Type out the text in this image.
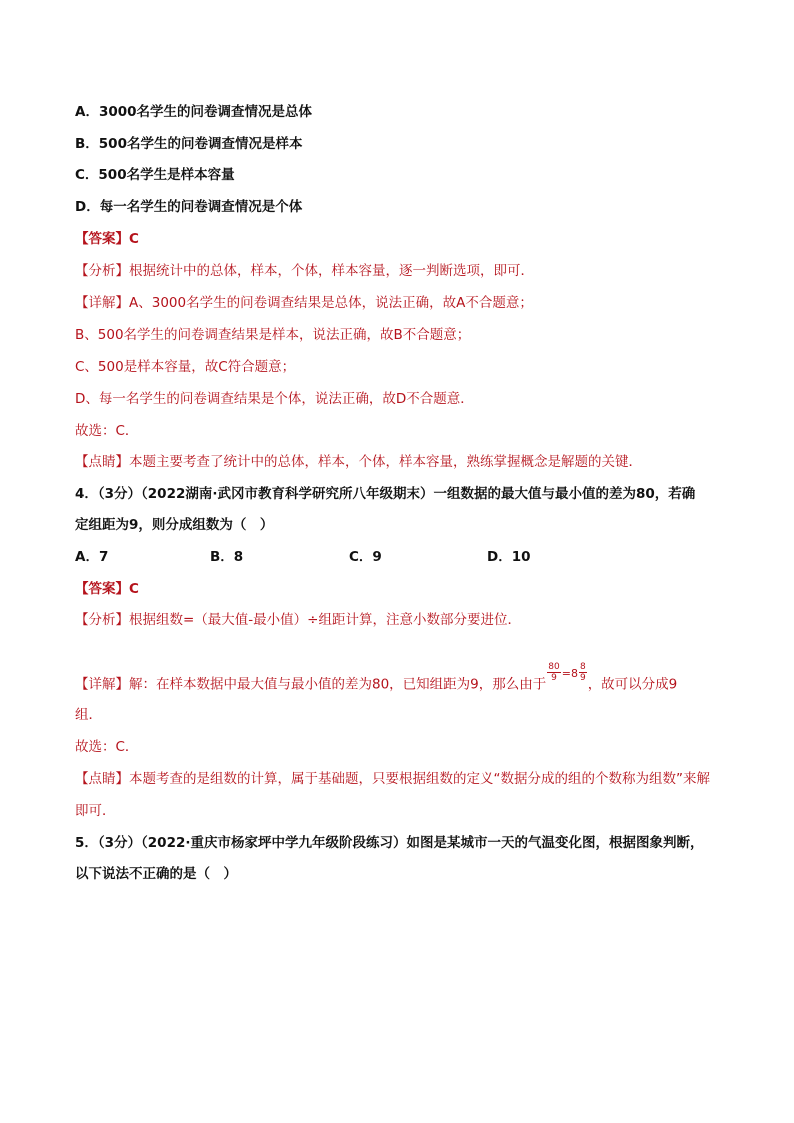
A．3000名学生的问卷调查情况是总体
B．500名学生的问卷调查情况是样本
C．500名学生是样本容量
D．每一名学生的问卷调查情况是个体
【答案】C
【分析】根据统计中的总体，样本，个体，样本容量，逐一判断选项，即可．
【详解】A、3000名学生的问卷调查结果是总体，说法正确，故A不合题意；
B、500名学生的问卷调查结果是样本，说法正确，故B不合题意；
C、500是样本容量，故C符合题意；
D、每一名学生的问卷调查结果是个体，说法正确，故D不合题意．
故选：C．
【点睛】本题主要考查了统计中的总体，样本，个体，样本容量，熟练掌握概念是解题的关键．
4．（3分）（2022湖南·武冈市教育科学研究所八年级期末）一组数据的最大值与最小值的差为80，若确
定组距为9，则分成组数为（　）
A．7	B．8	C．9	D．10
【答案】C
【分析】根据组数=（最大值-最小值）÷组距计算，注意小数部分要进位．
【详解】解：在样本数据中最大值与最小值的差为80，已知组距为9，那么由于
$\frac{80}{9} =8 \frac{8}{9}$
，故可以分成9
组．
故选：C．
【点睛】本题考查的是组数的计算，属于基础题，只要根据组数的定义“数据分成的组的个数称为组数”来解
即可．
5．（3分）（2022·重庆市杨家坪中学九年级阶段练习）如图是某城市一天的气温变化图，根据图象判断，
以下说法不正确的是（　）
